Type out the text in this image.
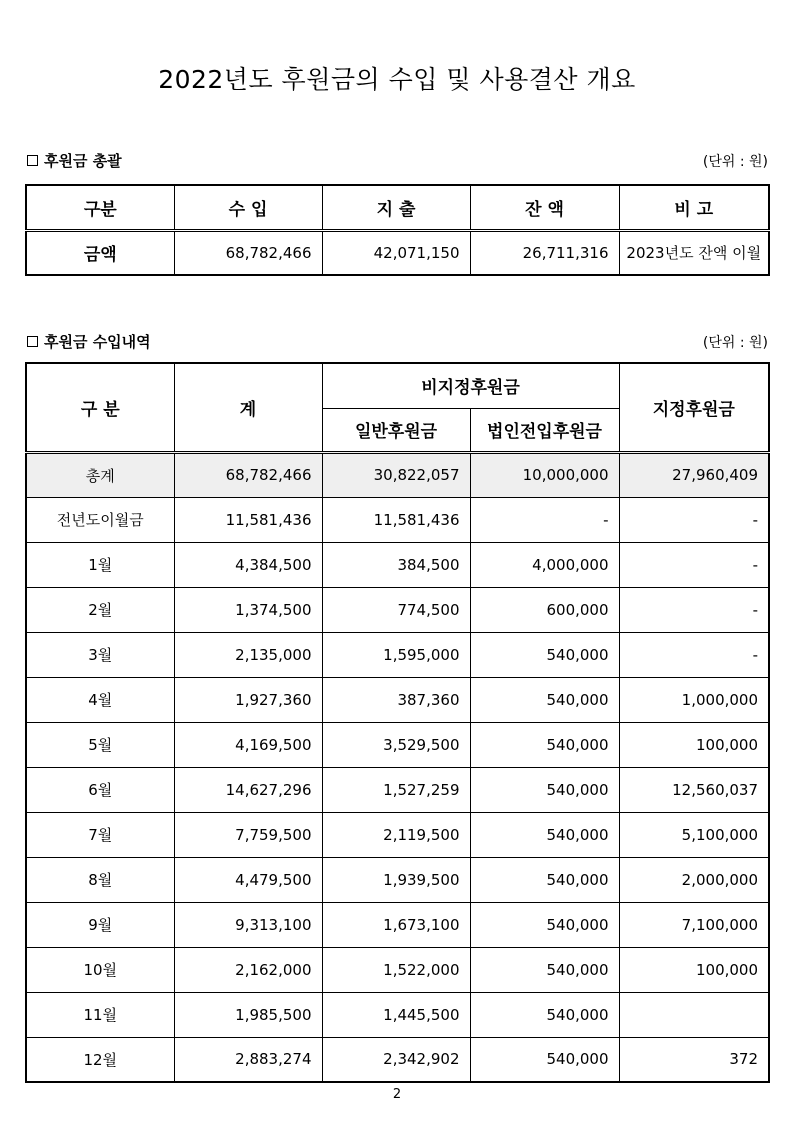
2022년도 후원금의 수입 및 사용결산 개요
후원금 총괄	(단위 : 원)
구분	수 입	지 출	잔 액	비 고
금액	68,782,466	42,071,150	26,711,316	2023년도 잔액 이월
후원금 수입내역	(단위 : 원)
구 분	계	비지정후원금		지정후원금
		일반후원금	법인전입후원금	
총계	68,782,466	30,822,057	10,000,000	27,960,409
전년도이월금	11,581,436	11,581,436	-	-
1월	4,384,500	384,500	4,000,000	-
2월	1,374,500	774,500	600,000	-
3월	2,135,000	1,595,000	540,000	-
4월	1,927,360	387,360	540,000	1,000,000
5월	4,169,500	3,529,500	540,000	100,000
6월	14,627,296	1,527,259	540,000	12,560,037
7월	7,759,500	2,119,500	540,000	5,100,000
8월	4,479,500	1,939,500	540,000	2,000,000
9월	9,313,100	1,673,100	540,000	7,100,000
10월	2,162,000	1,522,000	540,000	100,000
11월	1,985,500	1,445,500	540,000	
12월	2,883,274	2,342,902	540,000	372
2
